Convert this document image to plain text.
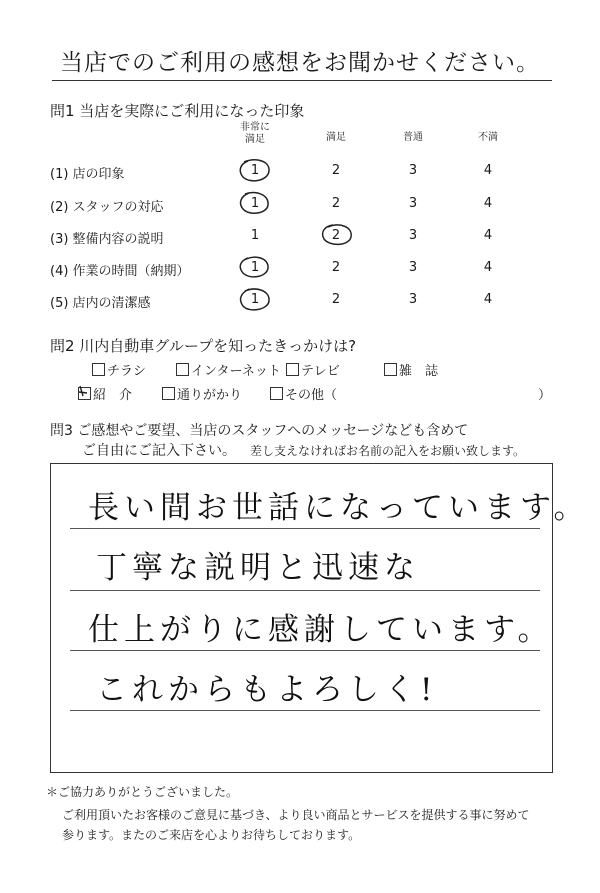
当店でのご利用の感想をお聞かせください。
問1 当店を実際にご利用になった印象
非常に
満足	満足	普通	不満
(1) 店の印象	1	2	3	4
(2) スタッフの対応	1	2	3	4
(3) 整備内容の説明	1	2	3	4
(4) 作業の時間（納期）	1	2	3	4
(5) 店内の清潔感	1	2	3	4
問2 川内自動車グループを知ったきっかけは?
チラシ	インターネット	テレビ	雑　誌
紹　介	通りがかり	その他（	）
問3 ご感想やご要望、当店のスタッフへのメッセージなども含めて
ご自由にご記入下さい。 差し支えなければお名前の記入をお願い致します。
長い間お世話になっています。
丁寧な説明と迅速な
仕上がりに感謝しています。
これからもよろしく!
＊ご協力ありがとうございました。
ご利用頂いたお客様のご意見に基づき、より良い商品とサービスを提供する事に努めて
参ります。またのご来店を心よりお待ちしております。
